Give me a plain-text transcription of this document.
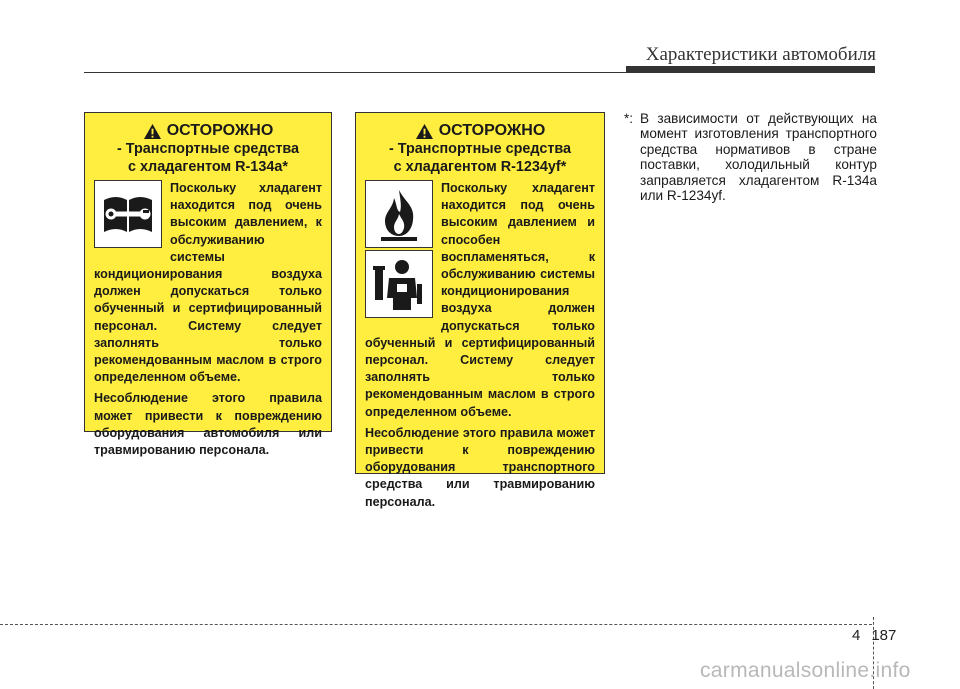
Характеристики автомобиля
ОСТОРОЖНО
- Транспортные средства
с хладагентом R-134a*

Поскольку хладагент находится под очень высоким давлением, к обслуживанию системы кондиционирования воздуха должен допускаться только обученный и сертифицированный персонал. Систему следует заполнять только рекомендованным маслом в строго определенном объеме.

Несоблюдение этого правила может привести к повреждению оборудования автомобиля или травмированию персонала.

ОСТОРОЖНО
- Транспортные средства
с хладагентом R-1234yf*

Поскольку хладагент находится под очень высоким давлением и способен воспламеняться, к обслуживанию системы кондиционирования воздуха должен допускаться только обученный и сертифицированный персонал. Систему следует заполнять только рекомендованным маслом в строго определенном объеме.

Несоблюдение этого правила может привести к повреждению оборудования транспортного средства или травмированию персонала.

*: В зависимости от действующих на момент изготовления транспортного средства нормативов в стране поставки, холодильный контур заправляется хладагентом R-134a или R-1234yf.
4 187
carmanualsonline.info
